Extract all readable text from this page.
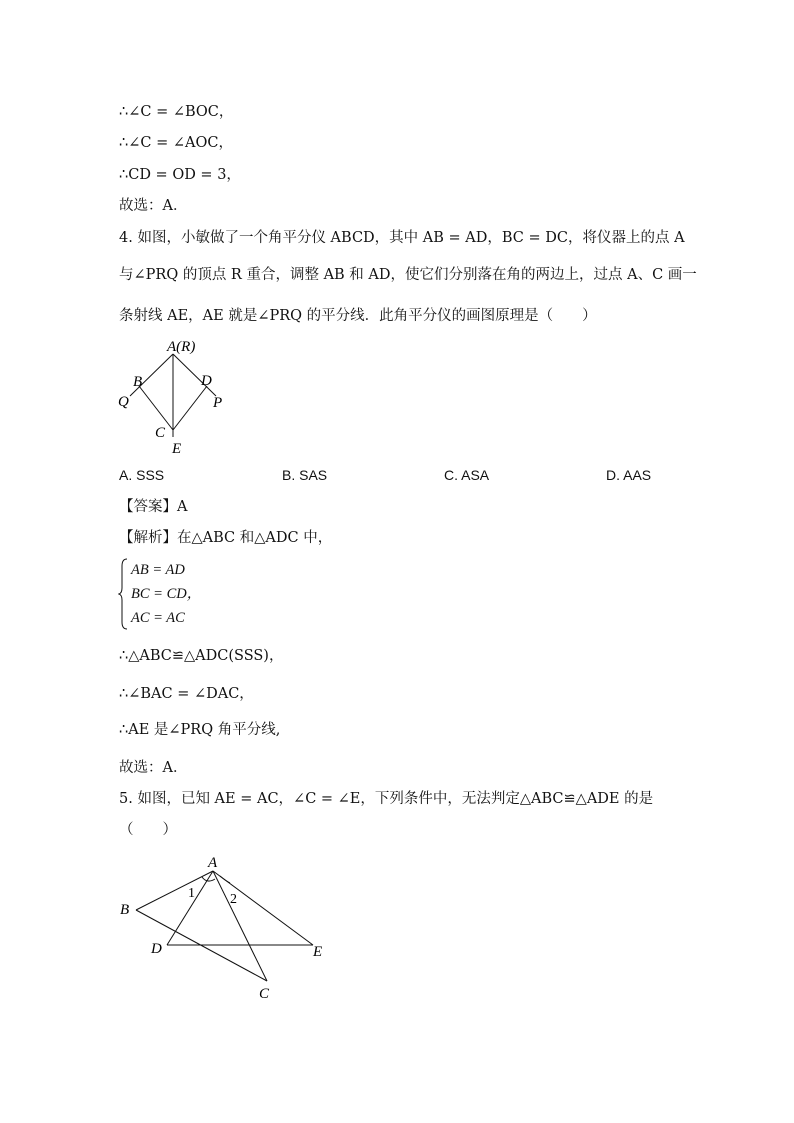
∴∠C = ∠BOC，
∴∠C = ∠AOC，
∴CD = OD = 3，
故选：A．
4. 如图，小敏做了一个角平分仪 ABCD，其中 AB = AD，BC = DC，将仪器上的点 A
与∠PRQ 的顶点 R 重合，调整 AB 和 AD，使它们分别落在角的两边上，过点 A、C 画一
条射线 AE，AE 就是∠PRQ 的平分线．此角平分仪的画图原理是（　　）
A(R)
B	D
Q	P
C
E
A. SSS	B. SAS	C. ASA	D. AAS
【答案】A
【解析】在△ABC 和△ADC 中，
AB = AD
BC = CD，
AC = AC
∴△ABC≌△ADC(SSS)，
∴∠BAC = ∠DAC，
∴AE 是∠PRQ 角平分线,
故选：A．
5. 如图，已知 AE = AC，∠C = ∠E，下列条件中，无法判定△ABC≌△ADE 的是
（　　）
A
B
D	E
C
1	2
